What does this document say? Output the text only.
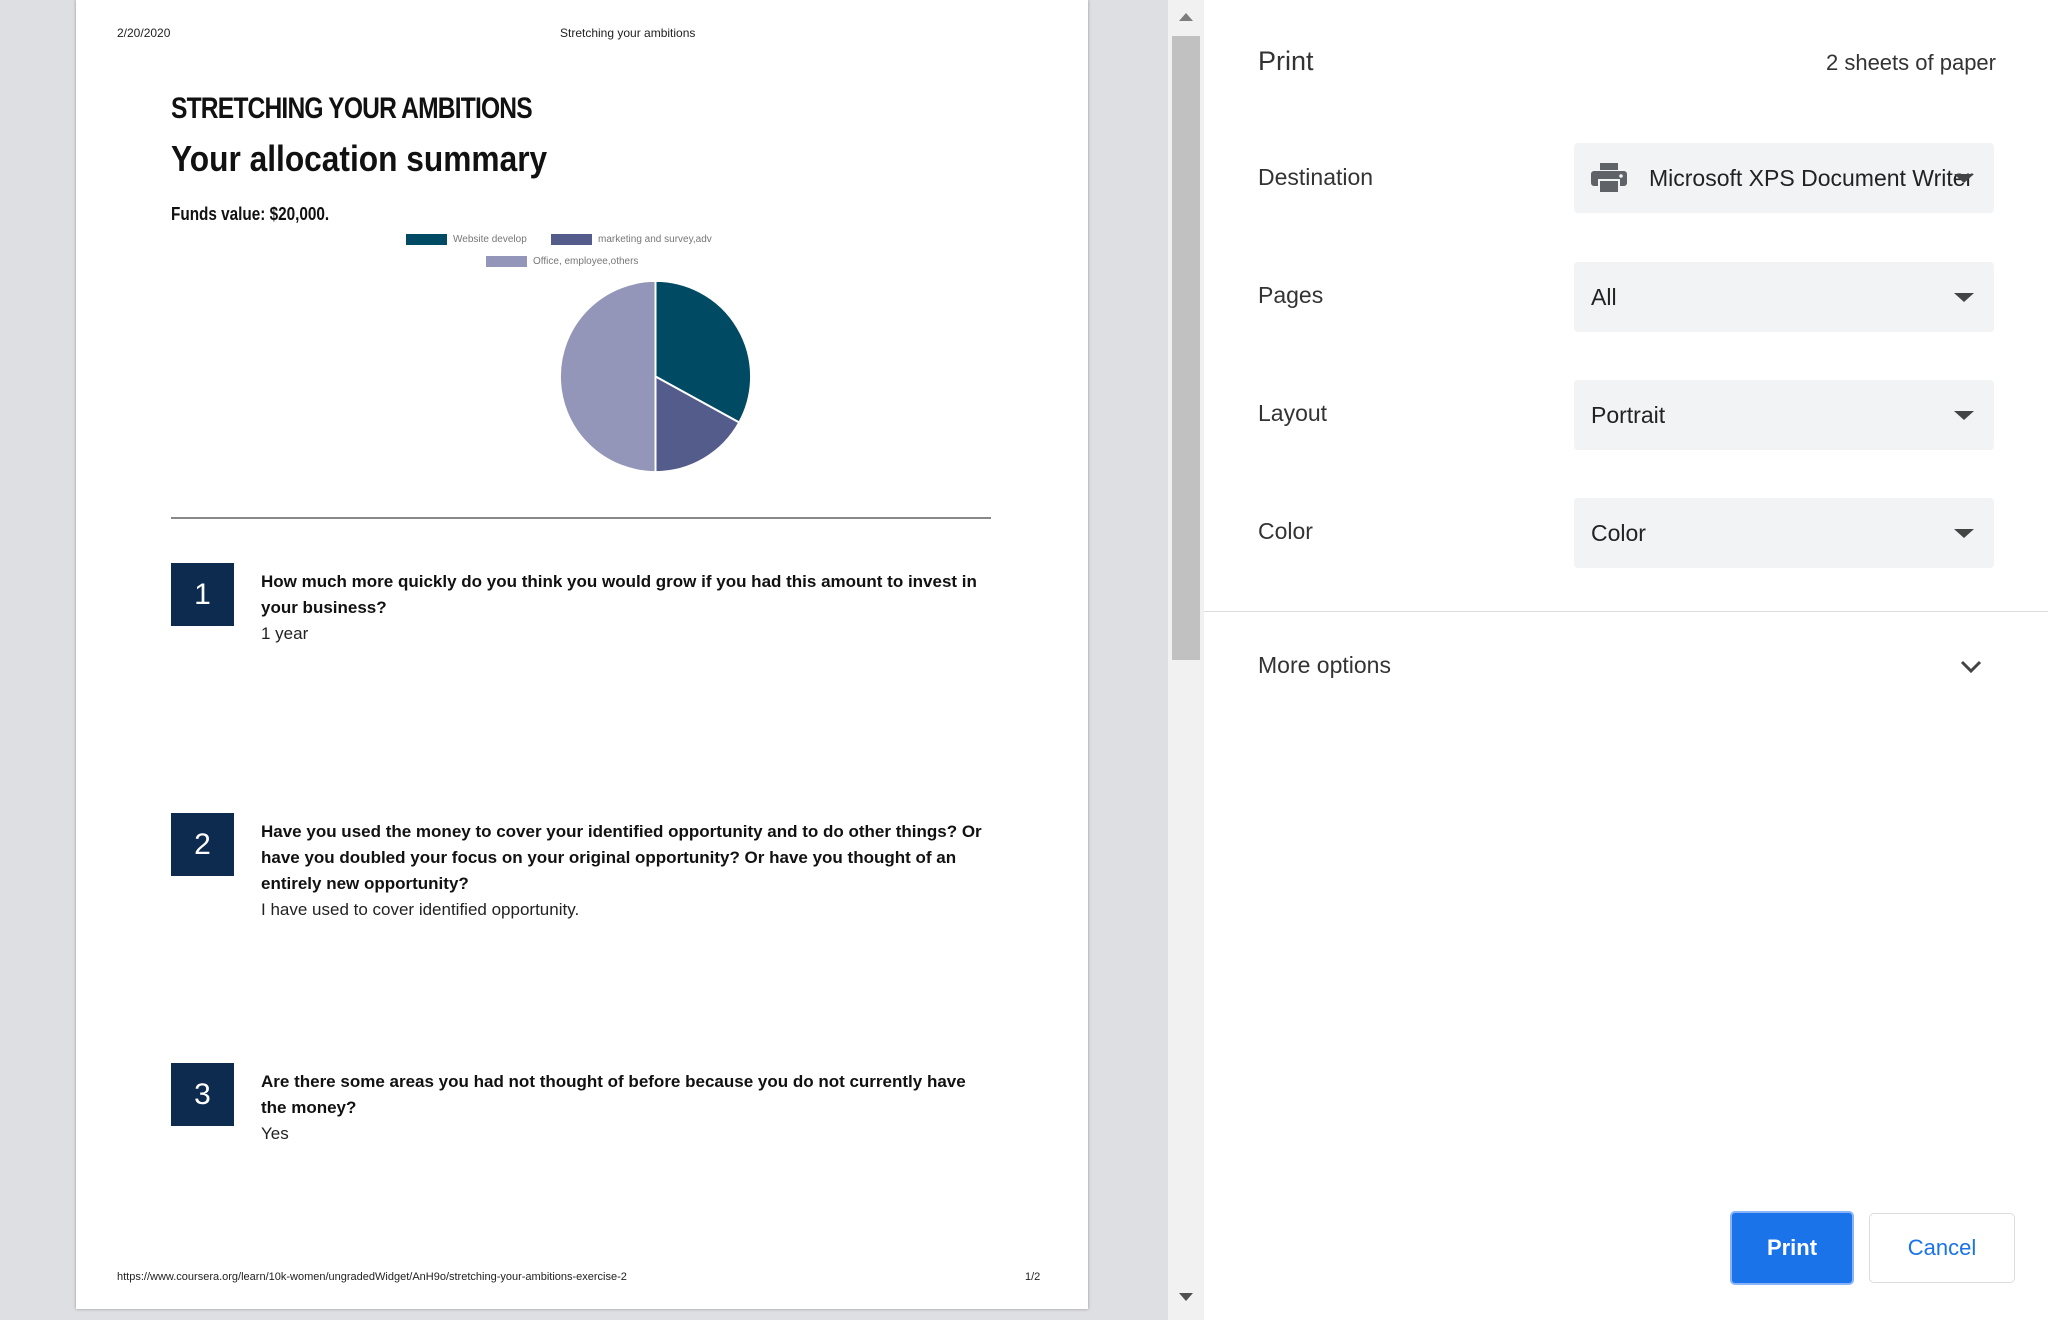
2/20/2020	Stretching your ambitions
STRETCHING YOUR AMBITIONS
Your allocation summary
Funds value: $20,000.
Website develop	marketing and survey,adv
Office, employee,others
1	How much more quickly do you think you would grow if you had this amount to invest in your business?
1 year
2	Have you used the money to cover your identified opportunity and to do other things? Or have you doubled your focus on your original opportunity? Or have you thought of an entirely new opportunity?
I have used to cover identified opportunity.
3	Are there some areas you had not thought of before because you do not currently have the money?
Yes
https://www.coursera.org/learn/10k-women/ungradedWidget/AnH9o/stretching-your-ambitions-exercise-2	1/2
Print	2 sheets of paper
Destination	Microsoft XPS Document Writer
Pages	All
Layout	Portrait
Color	Color
More options
Print	Cancel
